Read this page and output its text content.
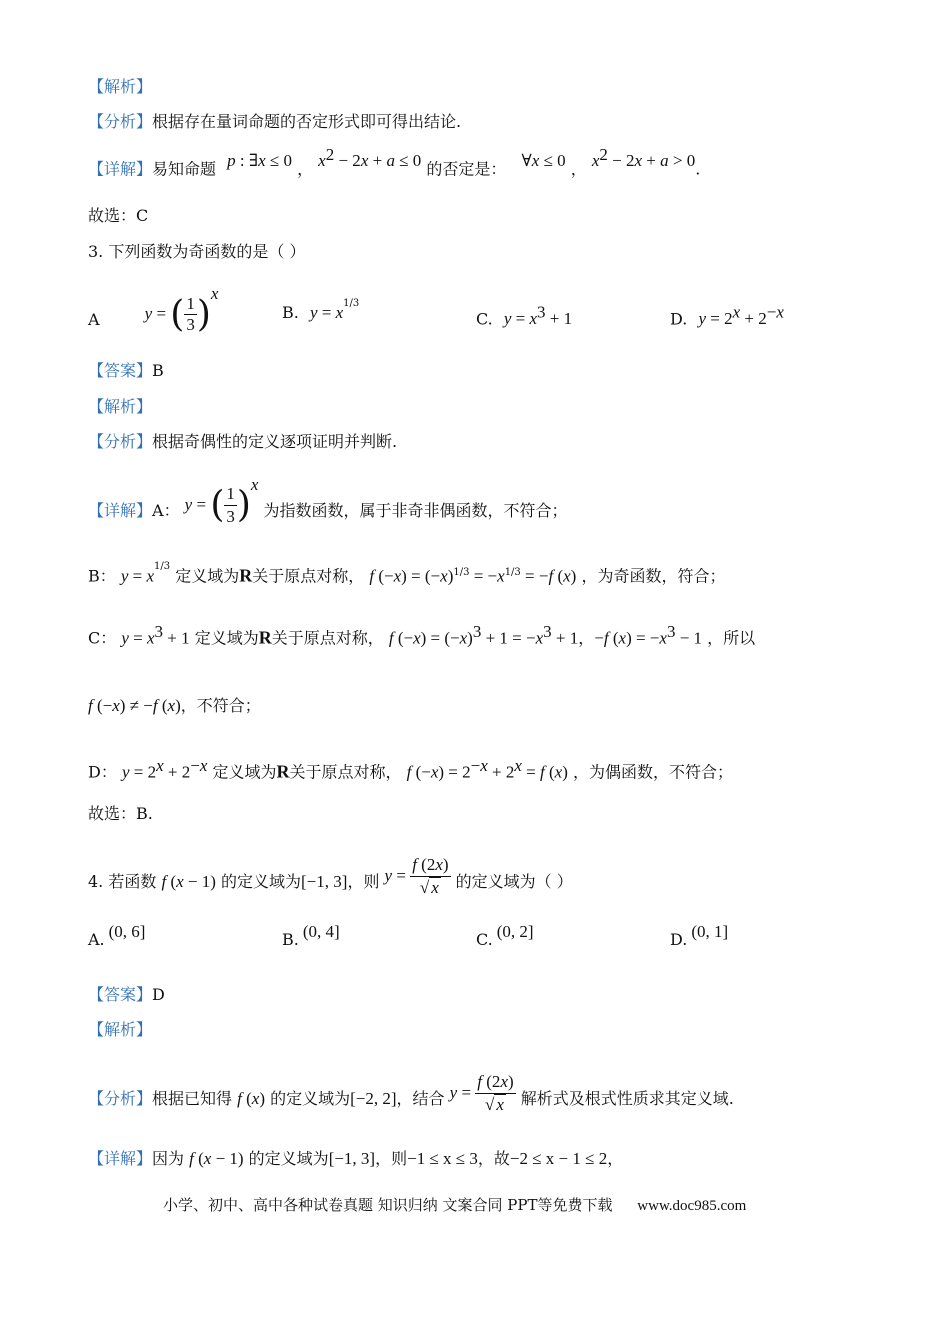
【解析】
【分析】根据存在量词命题的否定形式即可得出结论.
【详解】易知命题 p : ∃x ≤ 0 ， $x^2 - 2x + a \le 0$ 的否定是： ∀x ≤ 0 ， $x^2 - 2x + a > 0$.
故选：C
3. 下列函数为奇函数的是（ ）
A	y = ( $\frac{1}{3} )^x$
B. $y = x^{1/3}$
C. $y = x^3 + 1$	D. $y = 2^x + 2^{-x}$
【答案】B
【解析】
【分析】根据奇偶性的定义逐项证明并判断.
【详解】A： y = ( $\frac{1}{3} )^x$ 为指数函数，属于非奇非偶函数，不符合；
B： $y = x^{1/3}$ 定义域为R关于原点对称， f $(-x) = (-x)^{1/3} = -x^{1/3} = -f$ (x) ，为奇函数，符合；
C： $y = x^3 + 1$ 定义域为R关于原点对称， f $(-x) = (-x)^3 + 1 = -x^3 + 1$，−f $(x) = -x^3 - 1$ ，所以
f (−x) ≠ −f (x)，不符合；
D： $y = 2^x + 2^{-x}$ 定义域为R关于原点对称， f $(-x) = 2^{-x} + 2^x = f$ (x) ，为偶函数，不符合；
故选：B.
4. 若函数 f (x − 1) 的定义域为[−1, 3]，则 $y = \frac{f (2x)}{√ x}$ 的定义域为（ ）
A. (0, 6]	B. (0, 4]	C. (0, 2]	D. (0, 1]
【答案】D
【解析】
【分析】根据已知得 f (x) 的定义域为[−2, 2]，结合 $y = \frac{f (2x)}{√ x}$ 解析式及根式性质求其定义域.
【详解】因为 f (x − 1) 的定义域为[−1, 3]，则−1 ≤ x ≤ 3，故−2 ≤ x − 1 ≤ 2，
小学、初中、高中各种试卷真题 知识归纳 文案合同 PPT等免费下载 www.doc985.com
